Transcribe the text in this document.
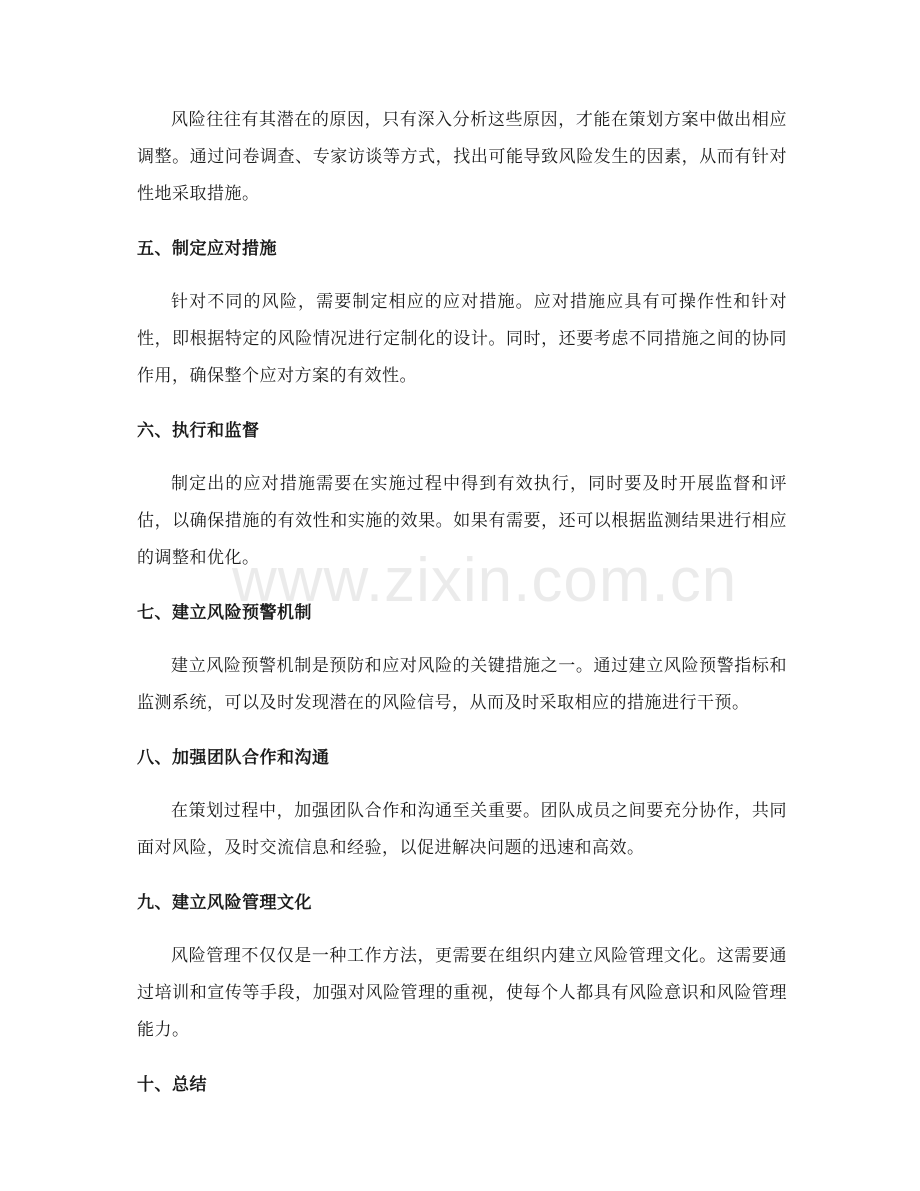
风险往往有其潜在的原因，只有深入分析这些原因，才能在策划方案中做出相应调整。通过问卷调查、专家访谈等方式，找出可能导致风险发生的因素，从而有针对性地采取措施。

五、制定应对措施

针对不同的风险，需要制定相应的应对措施。应对措施应具有可操作性和针对性，即根据特定的风险情况进行定制化的设计。同时，还要考虑不同措施之间的协同作用，确保整个应对方案的有效性。

六、执行和监督

制定出的应对措施需要在实施过程中得到有效执行，同时要及时开展监督和评估，以确保措施的有效性和实施的效果。如果有需要，还可以根据监测结果进行相应的调整和优化。

七、建立风险预警机制

建立风险预警机制是预防和应对风险的关键措施之一。通过建立风险预警指标和监测系统，可以及时发现潜在的风险信号，从而及时采取相应的措施进行干预。

八、加强团队合作和沟通

在策划过程中，加强团队合作和沟通至关重要。团队成员之间要充分协作，共同面对风险，及时交流信息和经验，以促进解决问题的迅速和高效。

九、建立风险管理文化

风险管理不仅仅是一种工作方法，更需要在组织内建立风险管理文化。这需要通过培训和宣传等手段，加强对风险管理的重视，使每个人都具有风险意识和风险管理能力。

十、总结
www.zixin.com.cn
